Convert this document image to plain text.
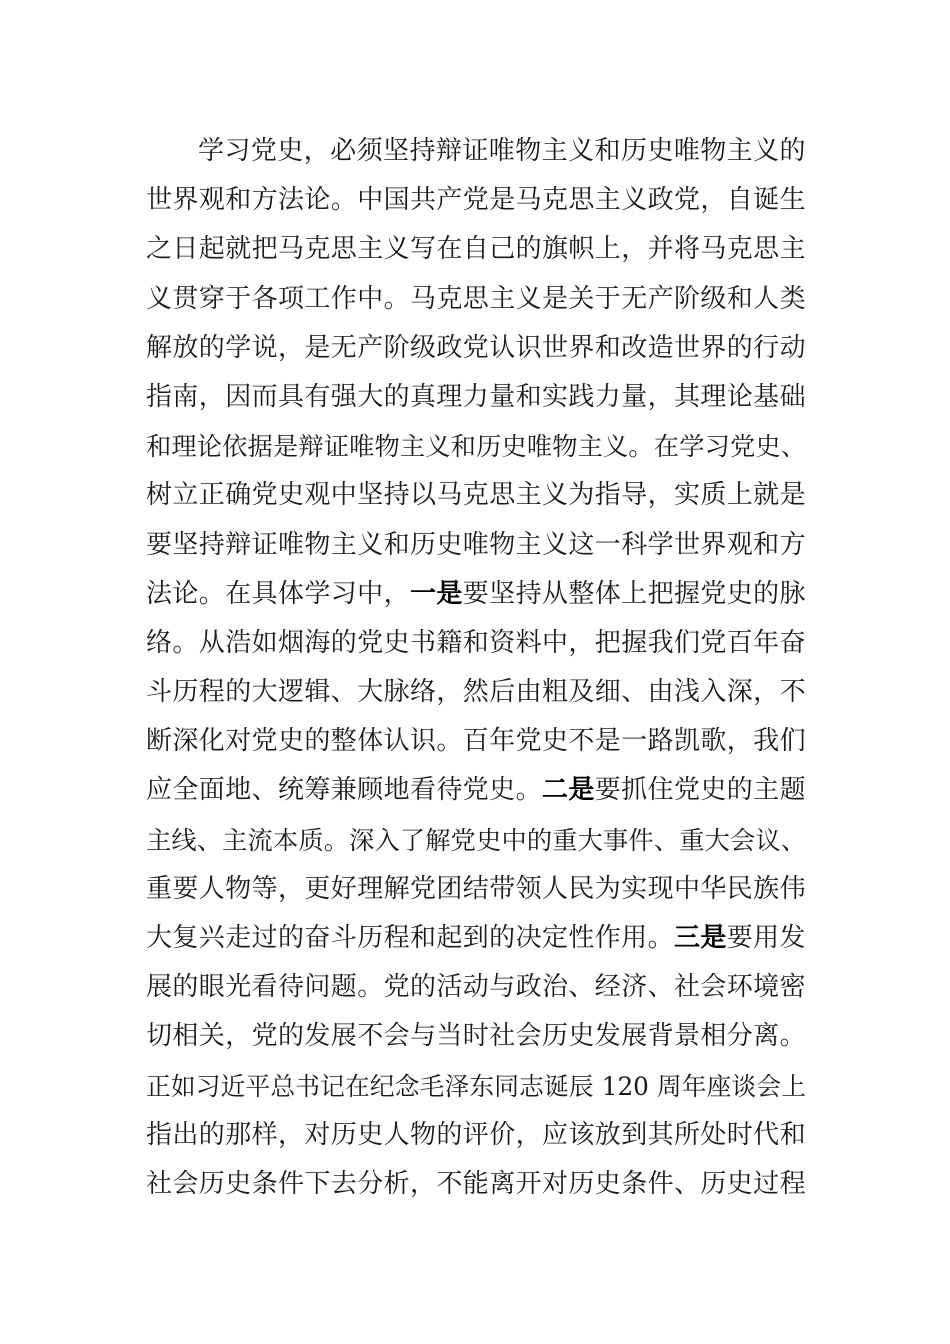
学习党史，必须坚持辩证唯物主义和历史唯物主义的
世界观和方法论。中国共产党是马克思主义政党，自诞生
之日起就把马克思主义写在自己的旗帜上，并将马克思主
义贯穿于各项工作中。马克思主义是关于无产阶级和人类
解放的学说，是无产阶级政党认识世界和改造世界的行动
指南，因而具有强大的真理力量和实践力量，其理论基础
和理论依据是辩证唯物主义和历史唯物主义。在学习党史、
树立正确党史观中坚持以马克思主义为指导，实质上就是
要坚持辩证唯物主义和历史唯物主义这一科学世界观和方
法论。在具体学习中，一是要坚持从整体上把握党史的脉
络。从浩如烟海的党史书籍和资料中，把握我们党百年奋
斗历程的大逻辑、大脉络，然后由粗及细、由浅入深，不
断深化对党史的整体认识。百年党史不是一路凯歌，我们
应全面地、统筹兼顾地看待党史。二是要抓住党史的主题
主线、主流本质。深入了解党史中的重大事件、重大会议、
重要人物等，更好理解党团结带领人民为实现中华民族伟
大复兴走过的奋斗历程和起到的决定性作用。三是要用发
展的眼光看待问题。党的活动与政治、经济、社会环境密
切相关，党的发展不会与当时社会历史发展背景相分离。
正如习近平总书记在纪念毛泽东同志诞辰 120 周年座谈会上
指出的那样，对历史人物的评价，应该放到其所处时代和
社会历史条件下去分析，不能离开对历史条件、历史过程
